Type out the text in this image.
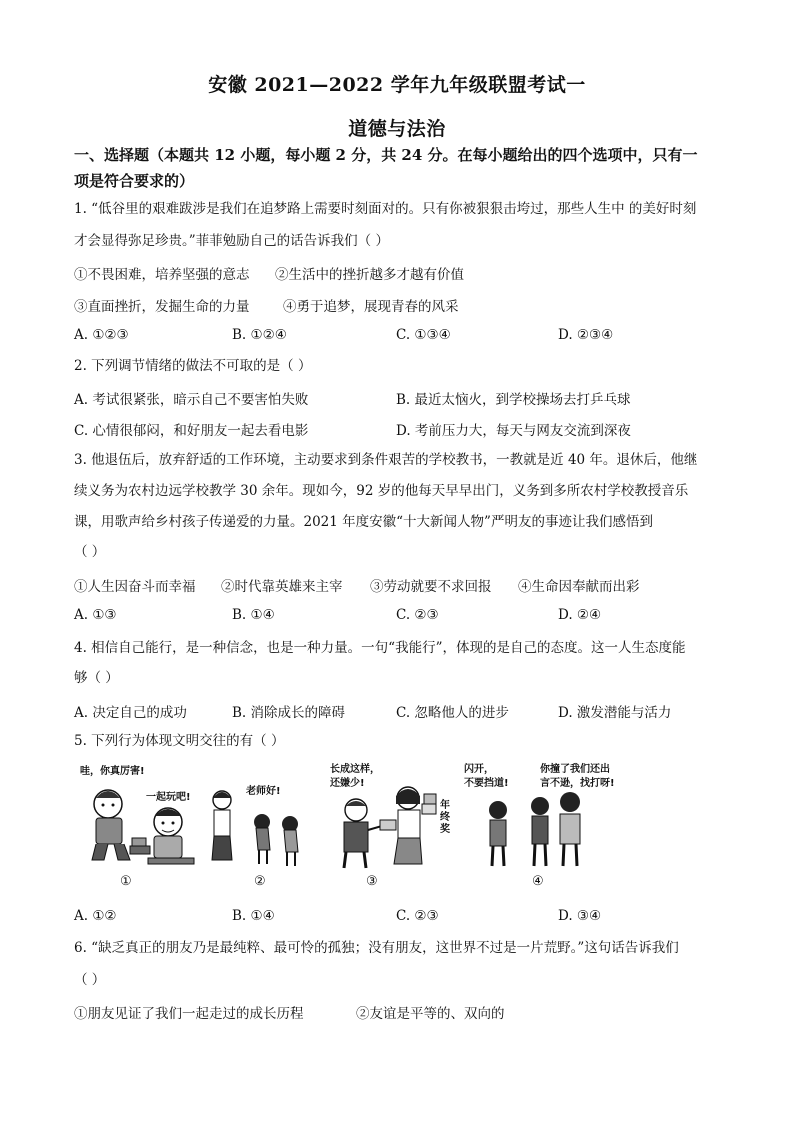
安徽 2021—2022 学年九年级联盟考试一
道德与法治
一、选择题（本题共 12 小题，每小题 2 分，共 24 分。在每小题给出的四个选项中，只有一
项是符合要求的）
1. “低谷里的艰难跋涉是我们在追梦路上需要时刻面对的。只有你被狠狠击垮过，那些人生中 的美好时刻
才会显得弥足珍贵。”菲菲勉励自己的话告诉我们（ ）
①不畏困难，培养坚强的意志 ②生活中的挫折越多才越有价值
③直面挫折，发掘生命的力量 ④勇于追梦，展现青春的风采
A. ①②③	B. ①②④	C. ①③④	D. ②③④
2. 下列调节情绪的做法不可取的是（ ）
A. 考试很紧张，暗示自己不要害怕失败	B. 最近太恼火，到学校操场去打乒乓球
C. 心情很郁闷，和好朋友一起去看电影	D. 考前压力大，每天与网友交流到深夜
3. 他退伍后，放弃舒适的工作环境，主动要求到条件艰苦的学校教书，一教就是近 40 年。退休后，他继
续义务为农村边远学校教学 30 余年。现如今，92 岁的他每天早早出门，义务到多所农村学校教授音乐
课，用歌声给乡村孩子传递爱的力量。2021 年度安徽“十大新闻人物”严明友的事迹让我们感悟到
（ ）
①人生因奋斗而幸福 ②时代靠英雄来主宰 ③劳动就要不求回报 ④生命因奉献而出彩
A. ①③	B. ①④	C. ②③	D. ②④
4. 相信自己能行，是一种信念，也是一种力量。一句“我能行”，体现的是自己的态度。这一人生态度能
够（ ）
A. 决定自己的成功	B. 消除成长的障碍	C. 忽略他人的进步	D. 激发潜能与活力
5. 下列行为体现文明交往的有（ ）
哇，你真厉害!
一起玩吧!
老师好!
长成这样，
还嫌少!
年
终
奖
闪开，
不要挡道!
你撞了我们还出
言不逊，找打呀!
①	②	③	④
A. ①②	B. ①④	C. ②③	D. ③④
6. “缺乏真正的朋友乃是最纯粹、最可怜的孤独；没有朋友，这世界不过是一片荒野。”这句话告诉我们
（ ）
①朋友见证了我们一起走过的成长历程	②友谊是平等的、双向的
